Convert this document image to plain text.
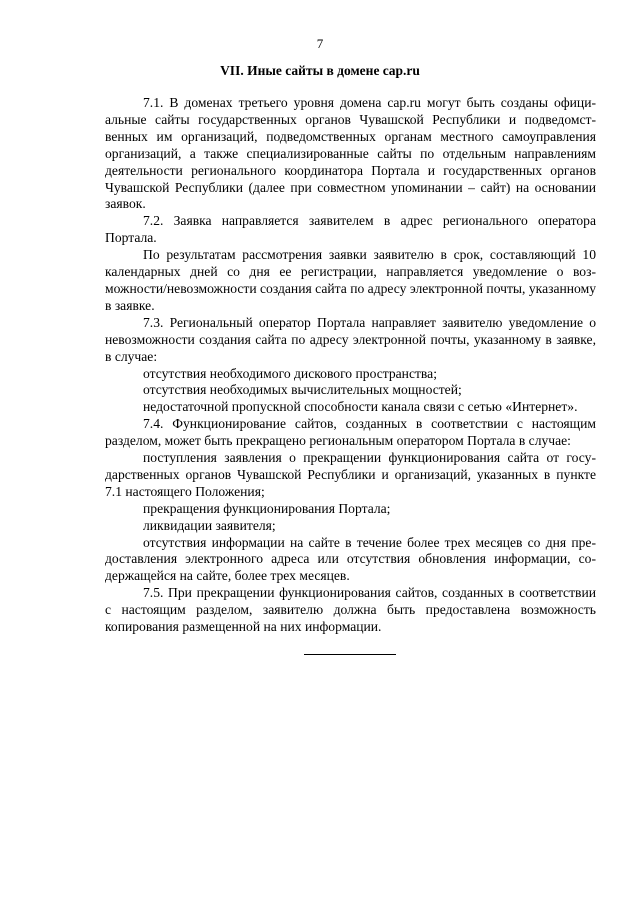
7
VII. Иные сайты в домене cap.ru

7.1. В доменах третьего уровня домена cap.ru могут быть созданы официальные сайты государственных органов Чувашской Республики и подведомственных им организаций, подведомственных органам местного самоуправления организаций, а также специализированные сайты по отдельным направлениям деятельности регионального координатора Портала и государственных органов Чувашской Республики (далее при совместном упоминании – сайт) на основании заявок.

7.2. Заявка направляется заявителем в адрес регионального оператора Портала.

По результатам рассмотрения заявки заявителю в срок, составляющий 10 календарных дней со дня ее регистрации, направляется уведомление о возможности/невозможности создания сайта по адресу электронной почты, указанному в заявке.

7.3. Региональный оператор Портала направляет заявителю уведомление о невозможности создания сайта по адресу электронной почты, указанному в заявке, в случае:

отсутствия необходимого дискового пространства;

отсутствия необходимых вычислительных мощностей;

недостаточной пропускной способности канала связи с сетью «Интернет».

7.4. Функционирование сайтов, созданных в соответствии с настоящим разделом, может быть прекращено региональным оператором Портала в случае:

поступления заявления о прекращении функционирования сайта от государственных органов Чувашской Республики и организаций, указанных в пункте 7.1 настоящего Положения;

прекращения функционирования Портала;

ликвидации заявителя;

отсутствия информации на сайте в течение более трех месяцев со дня предоставления электронного адреса или отсутствия обновления информации, содержащейся на сайте, более трех месяцев.

7.5. При прекращении функционирования сайтов, созданных в соответствии с настоящим разделом, заявителю должна быть предоставлена возможность копирования размещенной на них информации.
